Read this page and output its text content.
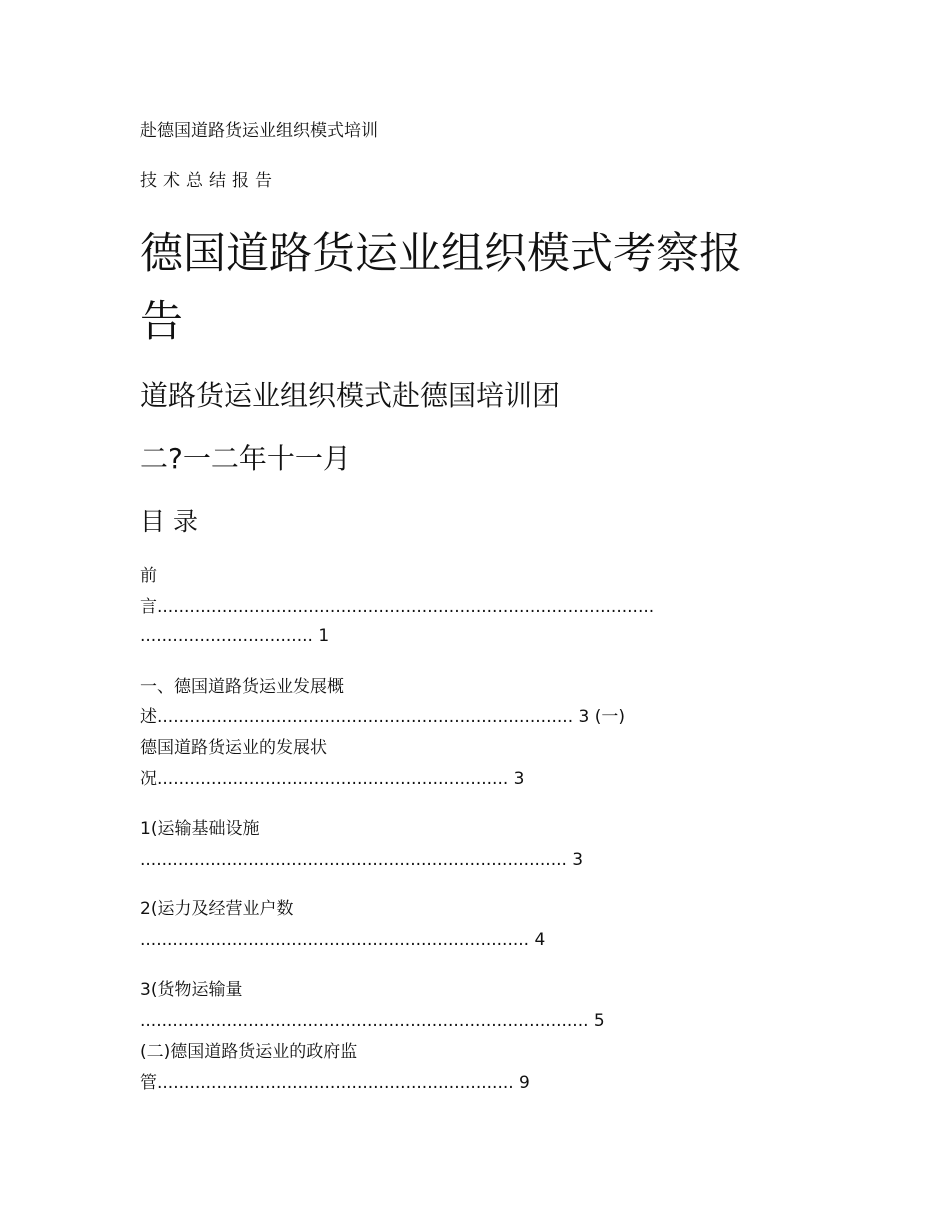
赴德国道路货运业组织模式培训

技术总结报告

德国道路货运业组织模式考察报
告

道路货运业组织模式赴德国培训团

二?一二年十一月

目 录

前

言............................................................................................

................................ 1

一、德国道路货运业发展概

述............................................................................. 3 (一)

德国道路货运业的发展状

况................................................................. 3

1(运输基础设施

............................................................................... 3

2(运力及经营业户数

........................................................................ 4

3(货物运输量

................................................................................... 5

(二)德国道路货运业的政府监

管.................................................................. 9
